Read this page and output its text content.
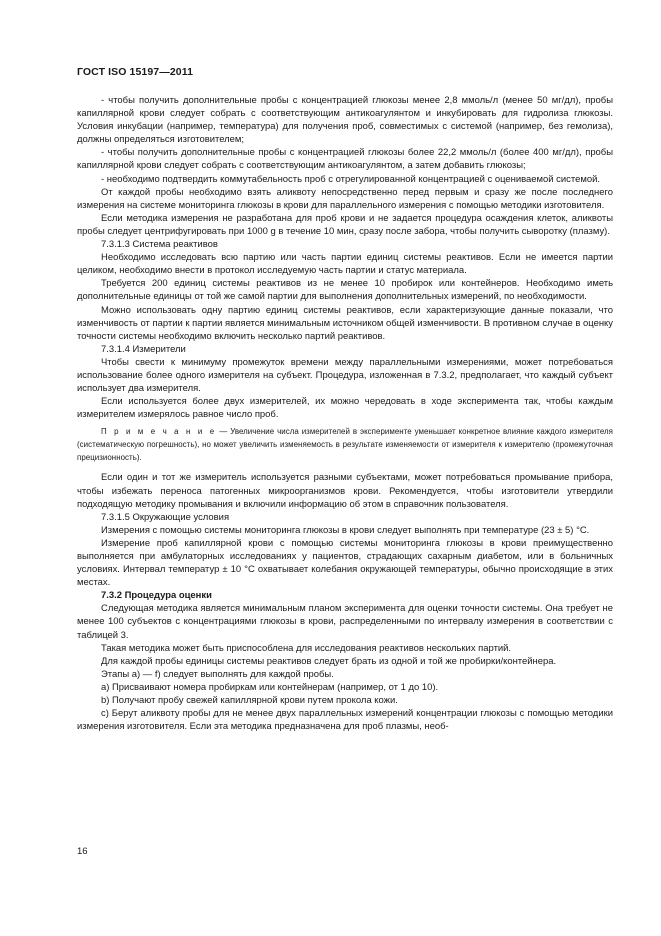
ГОСТ ISO 15197—2011

- чтобы получить дополнительные пробы с концентрацией глюкозы менее 2,8 ммоль/л (менее 50 мг/дл), пробы капиллярной крови следует собрать с соответствующим антикоагулянтом и инкубировать для гидролиза глюкозы. Условия инкубации (например, температура) для получения проб, совместимых с системой (например, без гемолиза), должны определяться изготовителем;

- чтобы получить дополнительные пробы с концентрацией глюкозы более 22,2 ммоль/л (более 400 мг/дл), пробы капиллярной крови следует собрать с соответствующим антикоагулянтом, а затем добавить глюкозы;

- необходимо подтвердить коммутабельность проб с отрегулированной концентрацией с оцениваемой системой.

От каждой пробы необходимо взять аликвоту непосредственно перед первым и сразу же после последнего измерения на системе мониторинга глюкозы в крови для параллельного измерения с помощью методики изготовителя.

Если методика измерения не разработана для проб крови и не задается процедура осаждения клеток, аликвоты пробы следует центрифугировать при 1000 g в течение 10 мин, сразу после забора, чтобы получить сыворотку (плазму).

7.3.1.3 Система реактивов

Необходимо исследовать всю партию или часть партии единиц системы реактивов. Если не имеется партии целиком, необходимо внести в протокол исследуемую часть партии и статус материала.

Требуется 200 единиц системы реактивов из не менее 10 пробирок или контейнеров. Необходимо иметь дополнительные единицы от той же самой партии для выполнения дополнительных измерений, по необходимости.

Можно использовать одну партию единиц системы реактивов, если характеризующие данные показали, что изменчивость от партии к партии является минимальным источником общей изменчивости. В противном случае в оценку точности системы необходимо включить несколько партий реактивов.

7.3.1.4 Измерители

Чтобы свести к минимуму промежуток времени между параллельными измерениями, может потребоваться использование более одного измерителя на субъект. Процедура, изложенная в 7.3.2, предполагает, что каждый субъект использует два измерителя.

Если используется более двух измерителей, их можно чередовать в ходе эксперимента так, чтобы каждым измерителем измерялось равное число проб.

П р и м е ч а н и е — Увеличение числа измерителей в эксперименте уменьшает конкретное влияние каждого измерителя (систематическую погрешность), но может увеличить изменяемость в результате изменяемости от измерителя к измерителю (промежуточная прецизионность).

Если один и тот же измеритель используется разными субъектами, может потребоваться промывание прибора, чтобы избежать переноса патогенных микроорганизмов крови. Рекомендуется, чтобы изготовители утвердили подходящую методику промывания и включили информацию об этом в справочник пользователя.

7.3.1.5 Окружающие условия

Измерения с помощью системы мониторинга глюкозы в крови следует выполнять при температуре (23 ± 5) °С.

Измерение проб капиллярной крови с помощью системы мониторинга глюкозы в крови преимущественно выполняется при амбулаторных исследованиях у пациентов, страдающих сахарным диабетом, или в больничных условиях. Интервал температур ± 10 °С охватывает колебания окружающей температуры, обычно происходящие в этих местах.

7.3.2 Процедура оценки

Следующая методика является минимальным планом эксперимента для оценки точности системы. Она требует не менее 100 субъектов с концентрациями глюкозы в крови, распределенными по интервалу измерения в соответствии с таблицей 3.

Такая методика может быть приспособлена для исследования реактивов нескольких партий.

Для каждой пробы единицы системы реактивов следует брать из одной и той же пробирки/контейнера.

Этапы а) — f) следует выполнять для каждой пробы.

а) Присваивают номера пробиркам или контейнерам (например, от 1 до 10).

b) Получают пробу свежей капиллярной крови путем прокола кожи.

с) Берут аликвоту пробы для не менее двух параллельных измерений концентрации глюкозы с помощью методики измерения изготовителя. Если эта методика предназначена для проб плазмы, необ-

16
